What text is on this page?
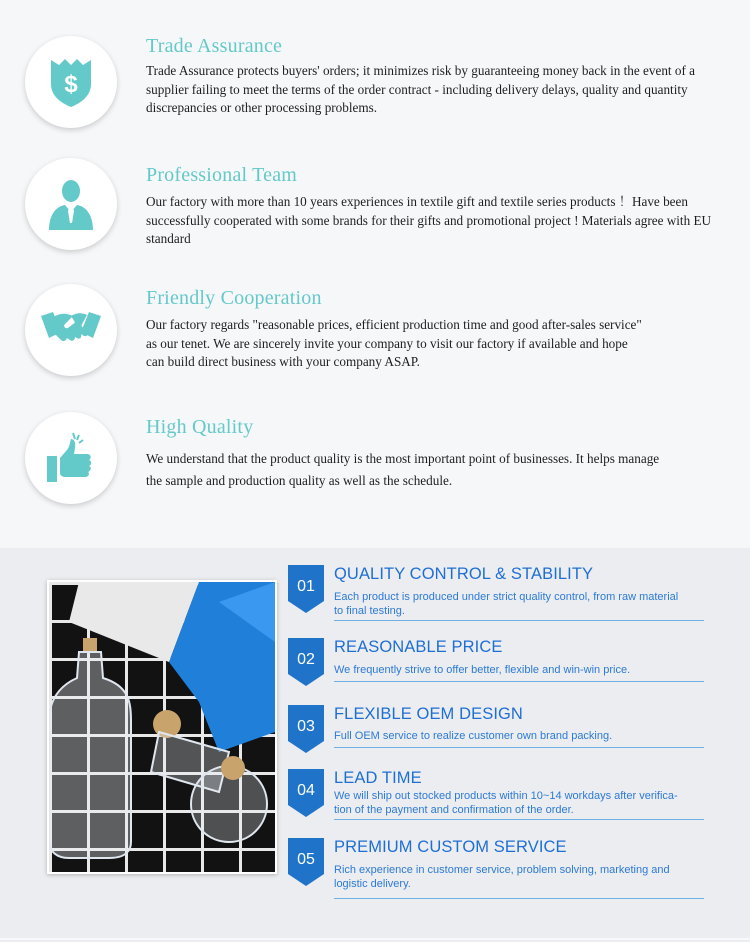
$
Trade Assurance
Trade Assurance protects buyers' orders; it minimizes risk by guaranteeing money back in the event of a
supplier failing to meet the terms of the order contract - including delivery delays, quality and quantity
discrepancies or other processing problems.
Professional Team
Our factory with more than 10 years experiences in textile gift and textile series products ！Have been
successfully cooperated with some brands for their gifts and promotional project ! Materials agree with EU
standard
Friendly Cooperation
Our factory regards "reasonable prices, efficient production time and good after-sales service"
as our tenet. We are sincerely invite your company to visit our factory if available and hope
can build direct business with your company ASAP.
High Quality
We understand that the product quality is the most important point of businesses. It helps manage
the sample and production quality as well as the schedule.
01
QUALITY CONTROL & STABILITY
Each product is produced under strict quality control, from raw material
to final testing.
02
REASONABLE PRICE
We frequently strive to offer better, flexible and win-win price.
03
FLEXIBLE OEM DESIGN
Full OEM service to realize customer own brand packing.
04
LEAD TIME
We will ship out stocked products within 10~14 workdays after verifica-
tion of the payment and confirmation of the order.
05
PREMIUM CUSTOM SERVICE
Rich experience in customer service, problem solving, marketing and
logistic delivery.
